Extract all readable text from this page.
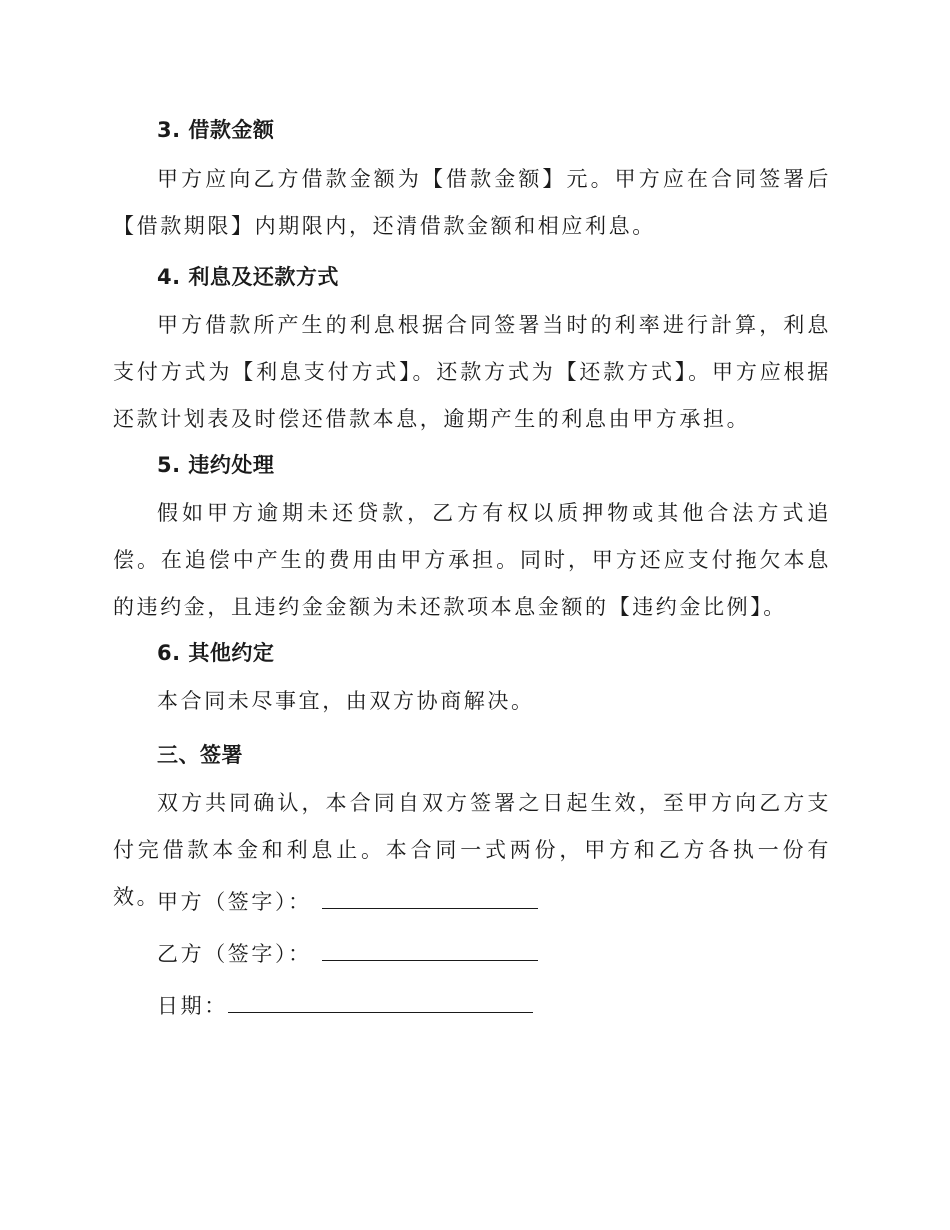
3. 借款金额
甲方应向乙方借款金额为【借款金额】元。甲方应在合同签署后【借款期限】内期限内，还清借款金额和相应利息。
4. 利息及还款方式
甲方借款所产生的利息根据合同签署当时的利率进行計算，利息支付方式为【利息支付方式】。还款方式为【还款方式】。甲方应根据还款计划表及时偿还借款本息，逾期产生的利息由甲方承担。
5. 违约处理
假如甲方逾期未还贷款，乙方有权以质押物或其他合法方式追偿。在追偿中产生的费用由甲方承担。同时，甲方还应支付拖欠本息的违约金，且违约金金额为未还款项本息金额的【违约金比例】。
6. 其他约定
本合同未尽事宜，由双方协商解决。
三、签署
双方共同确认，本合同自双方签署之日起生效，至甲方向乙方支付完借款本金和利息止。本合同一式两份，甲方和乙方各执一份有效。
甲方（签字）：
乙方（签字）：
日期：
